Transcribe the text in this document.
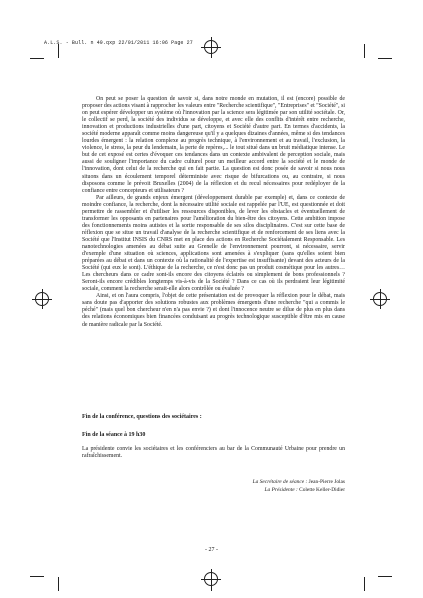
A.L.S. - Bull. n 49.qxp 22/01/2011 16:06 Page 27

On peut se poser la question de savoir si, dans notre monde en mutation, il est (encore) possible de proposer des actions visant à rapprocher les valeurs entre "Recherche scientifique", "Entreprises" et "Société", si on peut espérer développer un système où l'innovation par la science sera légitimée par son utilité sociétale. Or, le collectif se perd, la société des individus se développe, et avec elle des conflits d'intérêt entre recherche, innovation et productions industrielles d'une part, citoyens et Société d'autre part. En termes d'accidents, la société moderne apparaît comme moins dangereuse qu'il y a quelques dizaines d'années, même si des tendances lourdes émergent : la relation complexe au progrès technique, à l'environnement et au travail, l'exclusion, la violence, le stress, la peur du lendemain, la perte de repères,... le tout situé dans un bruit médiatique intense. Le but de cet exposé est certes d'évoquer ces tendances dans un contexte ambivalent de perception sociale, mais aussi de souligner l'importance du cadre culturel pour un meilleur accord entre la société et le monde de l'innovation, dont celui de la recherche qui en fait partie. La question est donc posée de savoir si nous nous situons dans un écoulement temporel déterministe avec risque de bifurcations ou, au contraire, si nous disposons comme le prévoit Bruxelles (2004) de la réflexion et du recul nécessaires pour redéployer de la confiance entre concepteurs et utilisateurs ?

Par ailleurs, de grands enjeux émergent (développement durable par exemple) et, dans ce contexte de moindre confiance, la recherche, dont la nécessaire utilité sociale est rappelée par l'UE, est questionnée et doit permettre de rassembler et d'utiliser les ressources disponibles, de lever les obstacles et éventuellement de transformer les opposants en partenaires pour l'amélioration du bien-être des citoyens. Cette ambition impose des fonctionnements moins autistes et la sortie responsable de ses silos disciplinaires. C'est sur cette base de réflexion que se situe un travail d'analyse de la recherche scientifique et de renforcement de ses liens avec la Société que l'Institut INSIS du CNRS met en place des actions en Recherche Sociétalement Responsable. Les nanotechnologies amenées au débat suite au Grenelle de l'environnement pourront, si nécessaire, servir d'exemple d'une situation où sciences, applications sont amenées à s'expliquer (sans qu'elles soient bien préparées au débat et dans un contexte où la rationalité de l'expertise est insuffisante) devant des acteurs de la Société (qui eux le sont). L'éthique de la recherche, ce n'est donc pas un produit cosmétique pour les autres… Les chercheurs dans ce cadre sont-ils encore des citoyens éclairés ou simplement de bons professionnels ? Seront-ils encore crédibles longtemps vis-à-vis de la Société ? Dans ce cas où ils perdraient leur légitimité sociale, comment la recherche serait-elle alors contrôlée ou évaluée ?

Ainsi, et on l'aura compris, l'objet de cette présentation est de provoquer la réflexion pour le débat, mais sans doute pas d'apporter des solutions robustes aux problèmes émergents d'une recherche "qui a commis le péché" (mais quel bon chercheur n'en n'a pas envie ?) et dont l'innocence neutre se dilue de plus en plus dans des relations économiques bien financées conduisant au progrès technologique susceptible d'être mis en cause de manière radicale par la Société.

Fin de la conférence, questions des sociétaires :
Fin de la séance à 19 h30
La présidente convie les sociétaires et les conférenciers au bar de la Communauté Urbaine pour prendre un rafraîchissement.
La Secrétaire de séance : Jean-Pierre Jolas
La Présidente : Colette Keller-Didier
- 27 -
